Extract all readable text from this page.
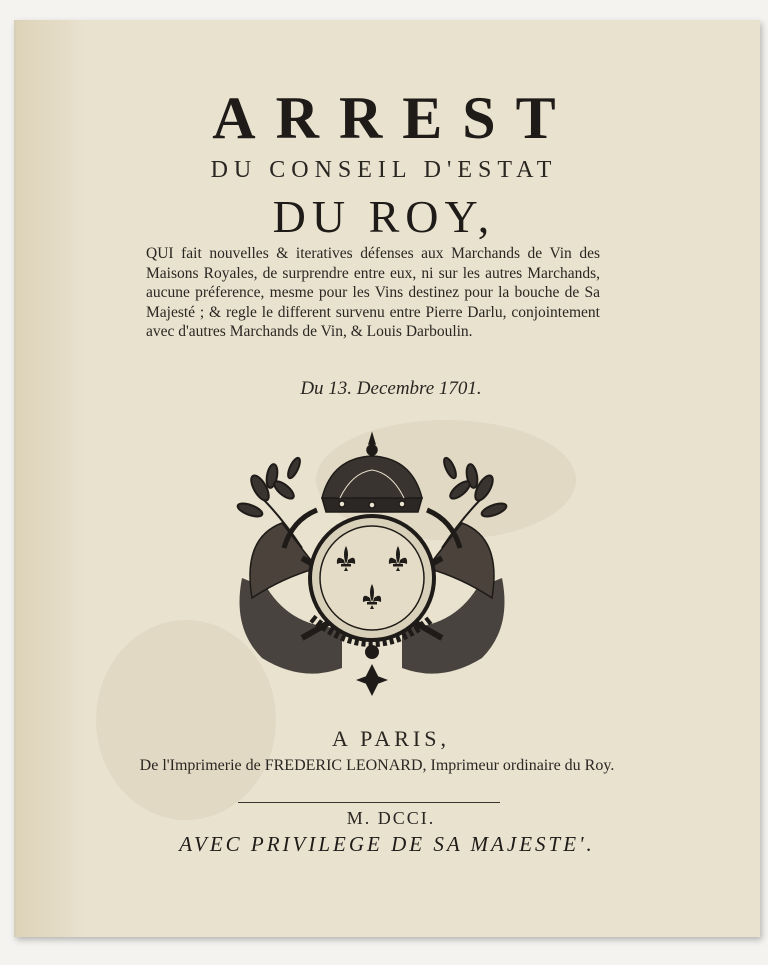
ARREST
DU CONSEIL D'ESTAT
DU ROY,
QUI fait nouvelles & iteratives défenses aux Marchands de Vin des Maisons Royales, de surprendre entre eux, ni sur les autres Marchands, aucune préference, mesme pour les Vins destinez pour la bouche de Sa Majesté ; & regle le different survenu entre Pierre Darlu, conjointement avec d'autres Marchands de Vin, & Louis Darboulin.
Du 13. Decembre 1701.
A PARIS,
De l'Imprimerie de FREDERIC LEONARD, Imprimeur ordinaire du Roy.
M. DCCI.
AVEC PRIVILEGE DE SA MAJESTE'.
